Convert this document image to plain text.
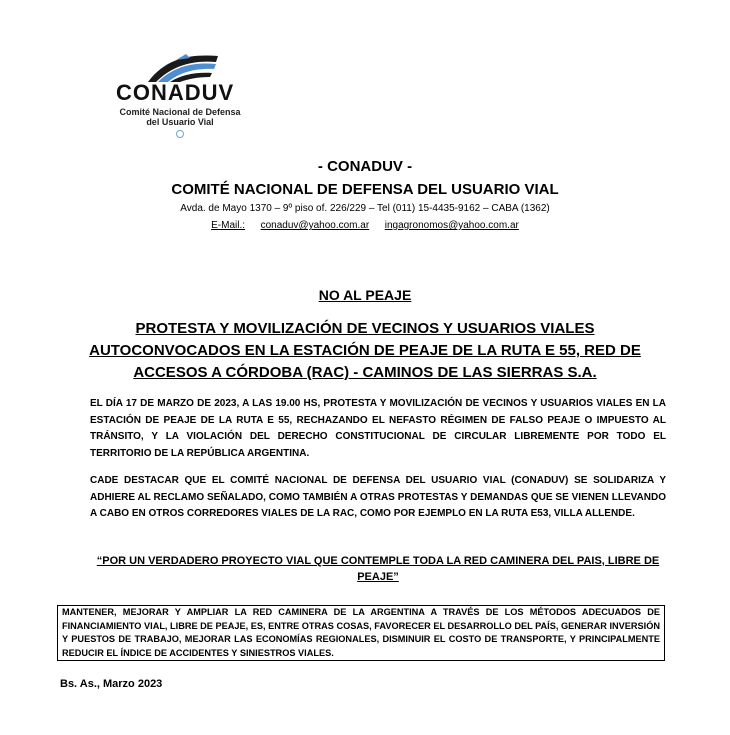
CONADUV
Comité Nacional de Defensa
del Usuario Vial
- CONADUV -
COMITÉ NACIONAL DE DEFENSA DEL USUARIO VIAL
Avda. de Mayo 1370 – 9º piso of. 226/229 – Tel (011) 15-4435-9162 – CABA (1362)
E-Mail.: conaduv@yahoo.com.ar ingagronomos@yahoo.com.ar
NO AL PEAJE
PROTESTA Y MOVILIZACIÓN DE VECINOS Y USUARIOS VIALES AUTOCONVOCADOS EN LA ESTACIÓN DE PEAJE DE LA RUTA E 55, RED DE ACCESOS A CÓRDOBA (RAC) - CAMINOS DE LAS SIERRAS S.A.
EL DÍA 17 DE MARZO DE 2023, A LAS 19.00 HS, PROTESTA Y MOVILIZACIÓN DE VECINOS Y USUARIOS VIALES EN LA ESTACIÓN DE PEAJE DE LA RUTA E 55, RECHAZANDO EL NEFASTO RÉGIMEN DE FALSO PEAJE O IMPUESTO AL TRÁNSITO, Y LA VIOLACIÓN DEL DERECHO CONSTITUCIONAL DE CIRCULAR LIBREMENTE POR TODO EL TERRITORIO DE LA REPÚBLICA ARGENTINA.
CADE DESTACAR QUE EL COMITÉ NACIONAL DE DEFENSA DEL USUARIO VIAL (CONADUV) SE SOLIDARIZA Y ADHIERE AL RECLAMO SEÑALADO, COMO TAMBIÉN A OTRAS PROTESTAS Y DEMANDAS QUE SE VIENEN LLEVANDO A CABO EN OTROS CORREDORES VIALES DE LA RAC, COMO POR EJEMPLO EN LA RUTA E53, VILLA ALLENDE.
“POR UN VERDADERO PROYECTO VIAL QUE CONTEMPLE TODA LA RED CAMINERA DEL PAIS, LIBRE DE PEAJE”
MANTENER, MEJORAR Y AMPLIAR LA RED CAMINERA DE LA ARGENTINA A TRAVÉS DE LOS MÉTODOS ADECUADOS DE FINANCIAMIENTO VIAL, LIBRE DE PEAJE, ES, ENTRE OTRAS COSAS, FAVORECER EL DESARROLLO DEL PAÍS, GENERAR INVERSIÓN Y PUESTOS DE TRABAJO, MEJORAR LAS ECONOMÍAS REGIONALES, DISMINUIR EL COSTO DE TRANSPORTE, Y PRINCIPALMENTE REDUCIR EL ÍNDICE DE ACCIDENTES Y SINIESTROS VIALES.
Bs. As., Marzo 2023
